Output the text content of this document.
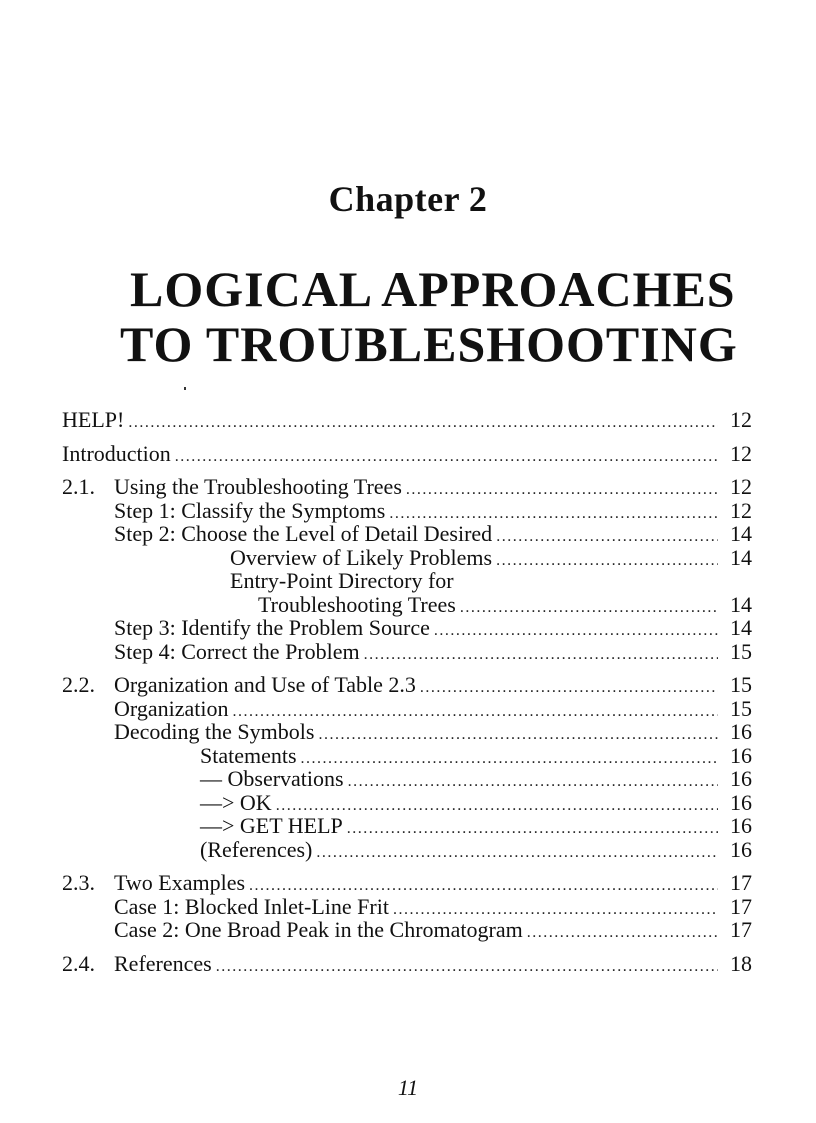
Chapter 2
LOGICAL APPROACHES
TO TROUBLESHOOTING
HELP! .....	12
Introduction .....	12
2.1. Using the Troubleshooting Trees .....	12
Step 1: Classify the Symptoms .....	12
Step 2: Choose the Level of Detail Desired .....	14
Overview of Likely Problems .....	14
Entry-Point Directory for
Troubleshooting Trees .....	14
Step 3: Identify the Problem Source .....	14
Step 4: Correct the Problem .....	15
2.2. Organization and Use of Table 2.3 .....	15
Organization .....	15
Decoding the Symbols .....	16
Statements .....	16
— Observations .....	16
—> OK .....	16
—> GET HELP .....	16
(References) .....	16
2.3. Two Examples .....	17
Case 1: Blocked Inlet-Line Frit .....	17
Case 2: One Broad Peak in the Chromatogram .....	17
2.4. References .....	18
11
